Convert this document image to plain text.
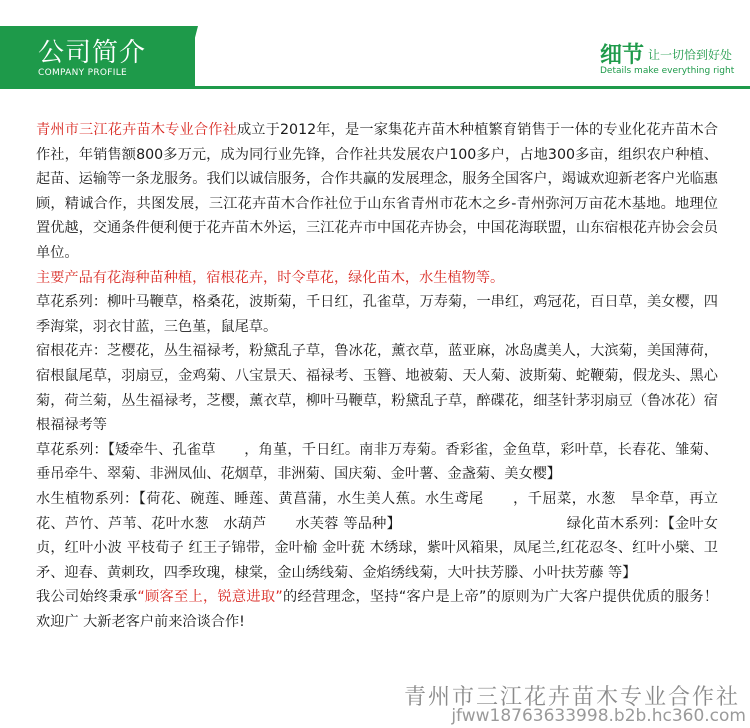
公司简介
COMPANY PROFILE
细节 让一切恰到好处
Details make everything right

青州市三江花卉苗木专业合作社成立于2012年，是一家集花卉苗木种植繁育销售于一体的专业化花卉苗木合作社，年销售额800多万元，成为同行业先锋，合作社共发展农户100多户，占地300多亩，组织农户种植、起苗、运输等一条龙服务。我们以诚信服务，合作共赢的发展理念，服务全国客户，竭诚欢迎新老客户光临惠顾，精诚合作，共图发展，三江花卉苗木合作社位于山东省青州市花木之乡-青州弥河万亩花木基地。地理位置优越，交通条件便利便于花卉苗木外运，三江花卉市中国花卉协会，中国花海联盟，山东宿根花卉协会会员单位。

主要产品有花海种苗种植，宿根花卉，时令草花，绿化苗木，水生植物等。

草花系列：柳叶马鞭草，格桑花，波斯菊，千日红，孔雀草，万寿菊，一串红，鸡冠花，百日草，美女樱，四季海棠，羽衣甘蓝，三色堇，鼠尾草。

宿根花卉：芝樱花，丛生福禄考，粉黛乱子草，鲁冰花，薰衣草，蓝亚麻，冰岛虞美人，大滨菊，美国薄荷，宿根鼠尾草，羽扇豆，金鸡菊、八宝景天、福禄考、玉簪、地被菊、天人菊、波斯菊、蛇鞭菊，假龙头、黑心菊，荷兰菊，丛生福禄考，芝樱，薰衣草，柳叶马鞭草，粉黛乱子草，醉碟花，细茎针茅羽扇豆（鲁冰花）宿根福禄考等

草花系列：【矮牵牛、孔雀草　　，角堇，千日红。南非万寿菊。香彩雀，金鱼草，彩叶草，长春花、雏菊、垂吊牵牛、翠菊、非洲凤仙、花烟草，非洲菊、国庆菊、金叶薯、金盏菊、美女樱】

水生植物系列：【荷花、碗莲、睡莲、黄菖蒲，水生美人蕉。水生鸢尾　　，千屈菜，水葱　旱伞草，再立花、芦竹、芦苇、花叶水葱　水葫芦　　水芙蓉 等品种】　　　　　　　　　　　　绿化苗木系列：【金叶女贞，红叶小波 平枝荀子 红王子锦带，金叶榆 金叶莸 木绣球，紫叶风箱果，凤尾兰,红花忍冬、红叶小檗、卫矛、迎春、黄刺玫，四季玫瑰，棣棠，金山绣线菊、金焰绣线菊，大叶扶芳滕、小叶扶芳藤 等】

我公司始终秉承“顾客至上，锐意进取”的经营理念，坚持“客户是上帝”的原则为广大客户提供优质的服务！欢迎广 大新老客户前来洽谈合作!

青州市三江花卉苗木专业合作社
jfww18763633998.b2b.hc360.com
